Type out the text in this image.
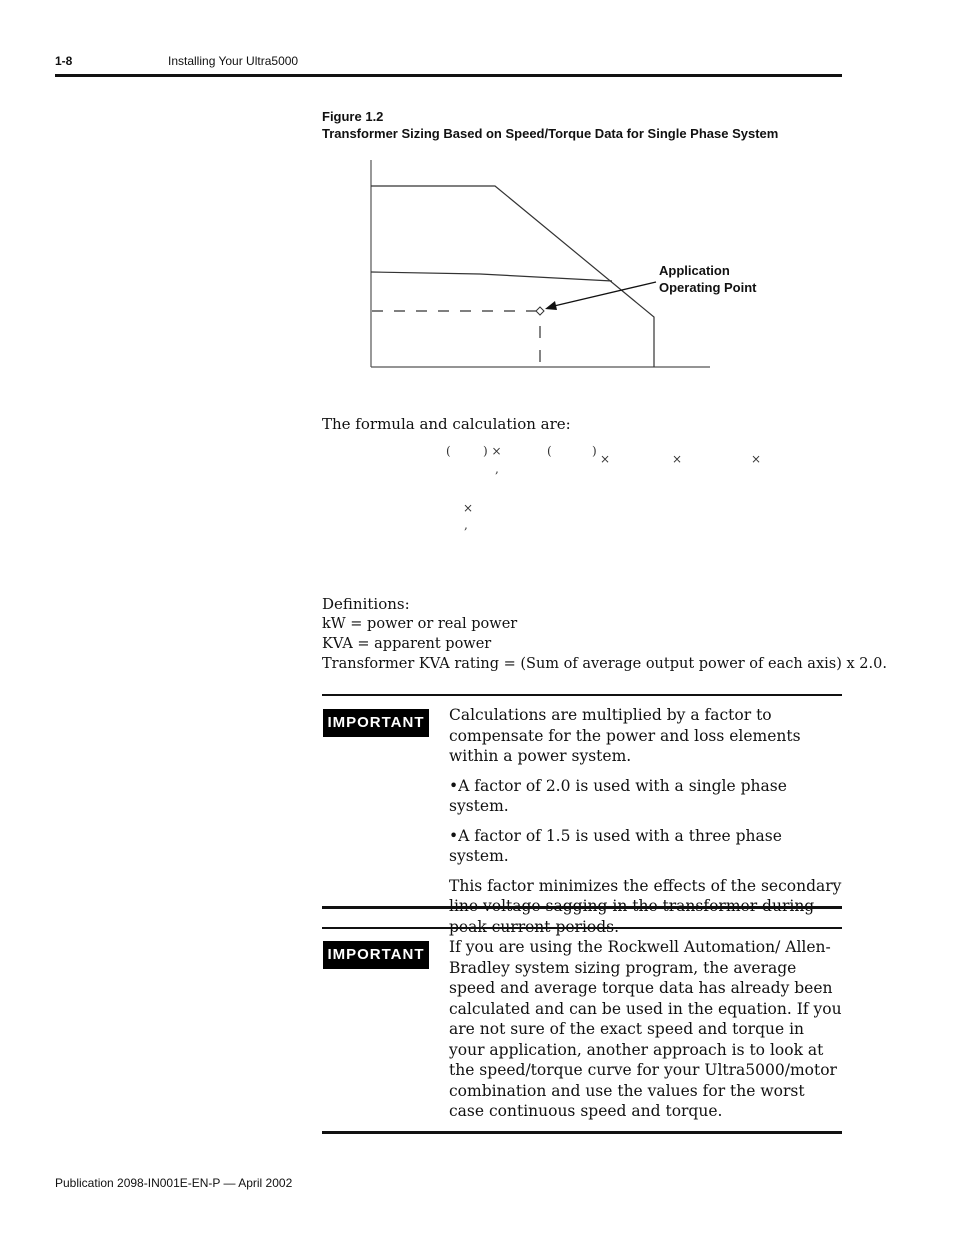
1-8	Installing Your Ultra5000
Figure 1.2
Transformer Sizing Based on Speed/Torque Data for Single Phase System
Application
Operating Point
The formula and calculation are:
(	) ×	(	)
×	×	×
,
×
,
Definitions:
kW = power or real power
KVA = apparent power
Transformer KVA rating = (Sum of average output power of each axis) x 2.0.
IMPORTANT Calculations are multiplied by a factor to compensate for the power and loss elements within a power system.

•A factor of 2.0 is used with a single phase system.

•A factor of 1.5 is used with a three phase system.

This factor minimizes the effects of the secondary

IMPORTANT If you are using the Rockwell Automation/ Allen-Bradley system sizing program, the average speed and average torque data has already been calculated and can be used in the equation. If you are not sure of the exact speed and torque in your application, another approach is to look at the speed/torque curve for your Ultra5000/motor combination and use the values for the worst case continuous speed and torque.

Publication 2098-IN001E-EN-P — April 2002
